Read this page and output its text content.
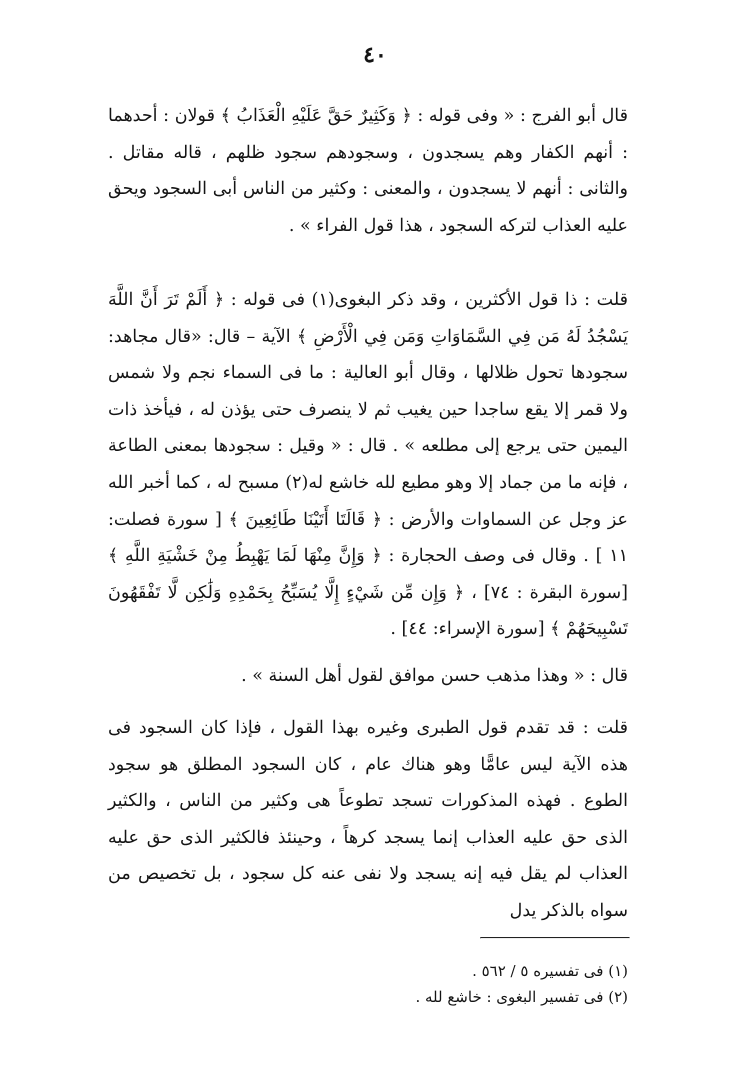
٤٠

قال أبو الفرج : « وفى قوله : ﴿ وَكَثِيرٌ حَقَّ عَلَيْهِ الْعَذَابُ ﴾ قولان : أحدهما : أنهم الكفار وهم يسجدون ، وسجودهم سجود ظلهم ، قاله مقاتل . والثانى : أنهم لا يسجدون ، والمعنى : وكثير من الناس أبى السجود ويحق عليه العذاب لتركه السجود ، هذا قول الفراء » .

قلت : ذا قول الأكثرين ، وقد ذكر البغوى(١) فى قوله : ﴿ أَلَمْ تَرَ أَنَّ اللَّهَ يَسْجُدُ لَهُ مَن فِي السَّمَاوَاتِ وَمَن فِي الْأَرْضِ ﴾ الآية – قال: «قال مجاهد: سجودها تحول ظلالها ، وقال أبو العالية : ما فى السماء نجم ولا شمس ولا قمر إلا يقع ساجدا حين يغيب ثم لا ينصرف حتى يؤذن له ، فيأخذ ذات اليمين حتى يرجع إلى مطلعه » . قال : « وقيل : سجودها بمعنى الطاعة ، فإنه ما من جماد إلا وهو مطيع لله خاشع له(٢) مسبح له ، كما أخبر الله عز وجل عن السماوات والأرض : ﴿ قَالَتَا أَتَيْنَا طَائِعِينَ ﴾ [ سورة فصلت: ١١ ] . وقال فى وصف الحجارة : ﴿ وَإِنَّ مِنْهَا لَمَا يَهْبِطُ مِنْ خَشْيَةِ اللَّهِ ﴾ [سورة البقرة : ٧٤] ، ﴿ وَإِن مِّن شَيْءٍ إِلَّا يُسَبِّحُ بِحَمْدِهِ وَلَٰكِن لَّا تَفْقَهُونَ تَسْبِيحَهُمْ ﴾ [سورة الإسراء: ٤٤] .

قال : « وهذا مذهب حسن موافق لقول أهل السنة » .

قلت : قد تقدم قول الطبرى وغيره بهذا القول ، فإذا كان السجود فى هذه الآية ليس عامًّا وهو هناك عام ، كان السجود المطلق هو سجود الطوع . فهذه المذكورات تسجد تطوعاً هى وكثير من الناس ، والكثير الذى حق عليه العذاب إنما يسجد كرهاً ، وحينئذ فالكثير الذى حق عليه العذاب لم يقل فيه إنه يسجد ولا نفى عنه كل سجود ، بل تخصيص من سواه بالذكر يدل

(١) فى تفسيره ٥ / ٥٦٢ .
(٢) فى تفسير البغوى : خاشع لله .
